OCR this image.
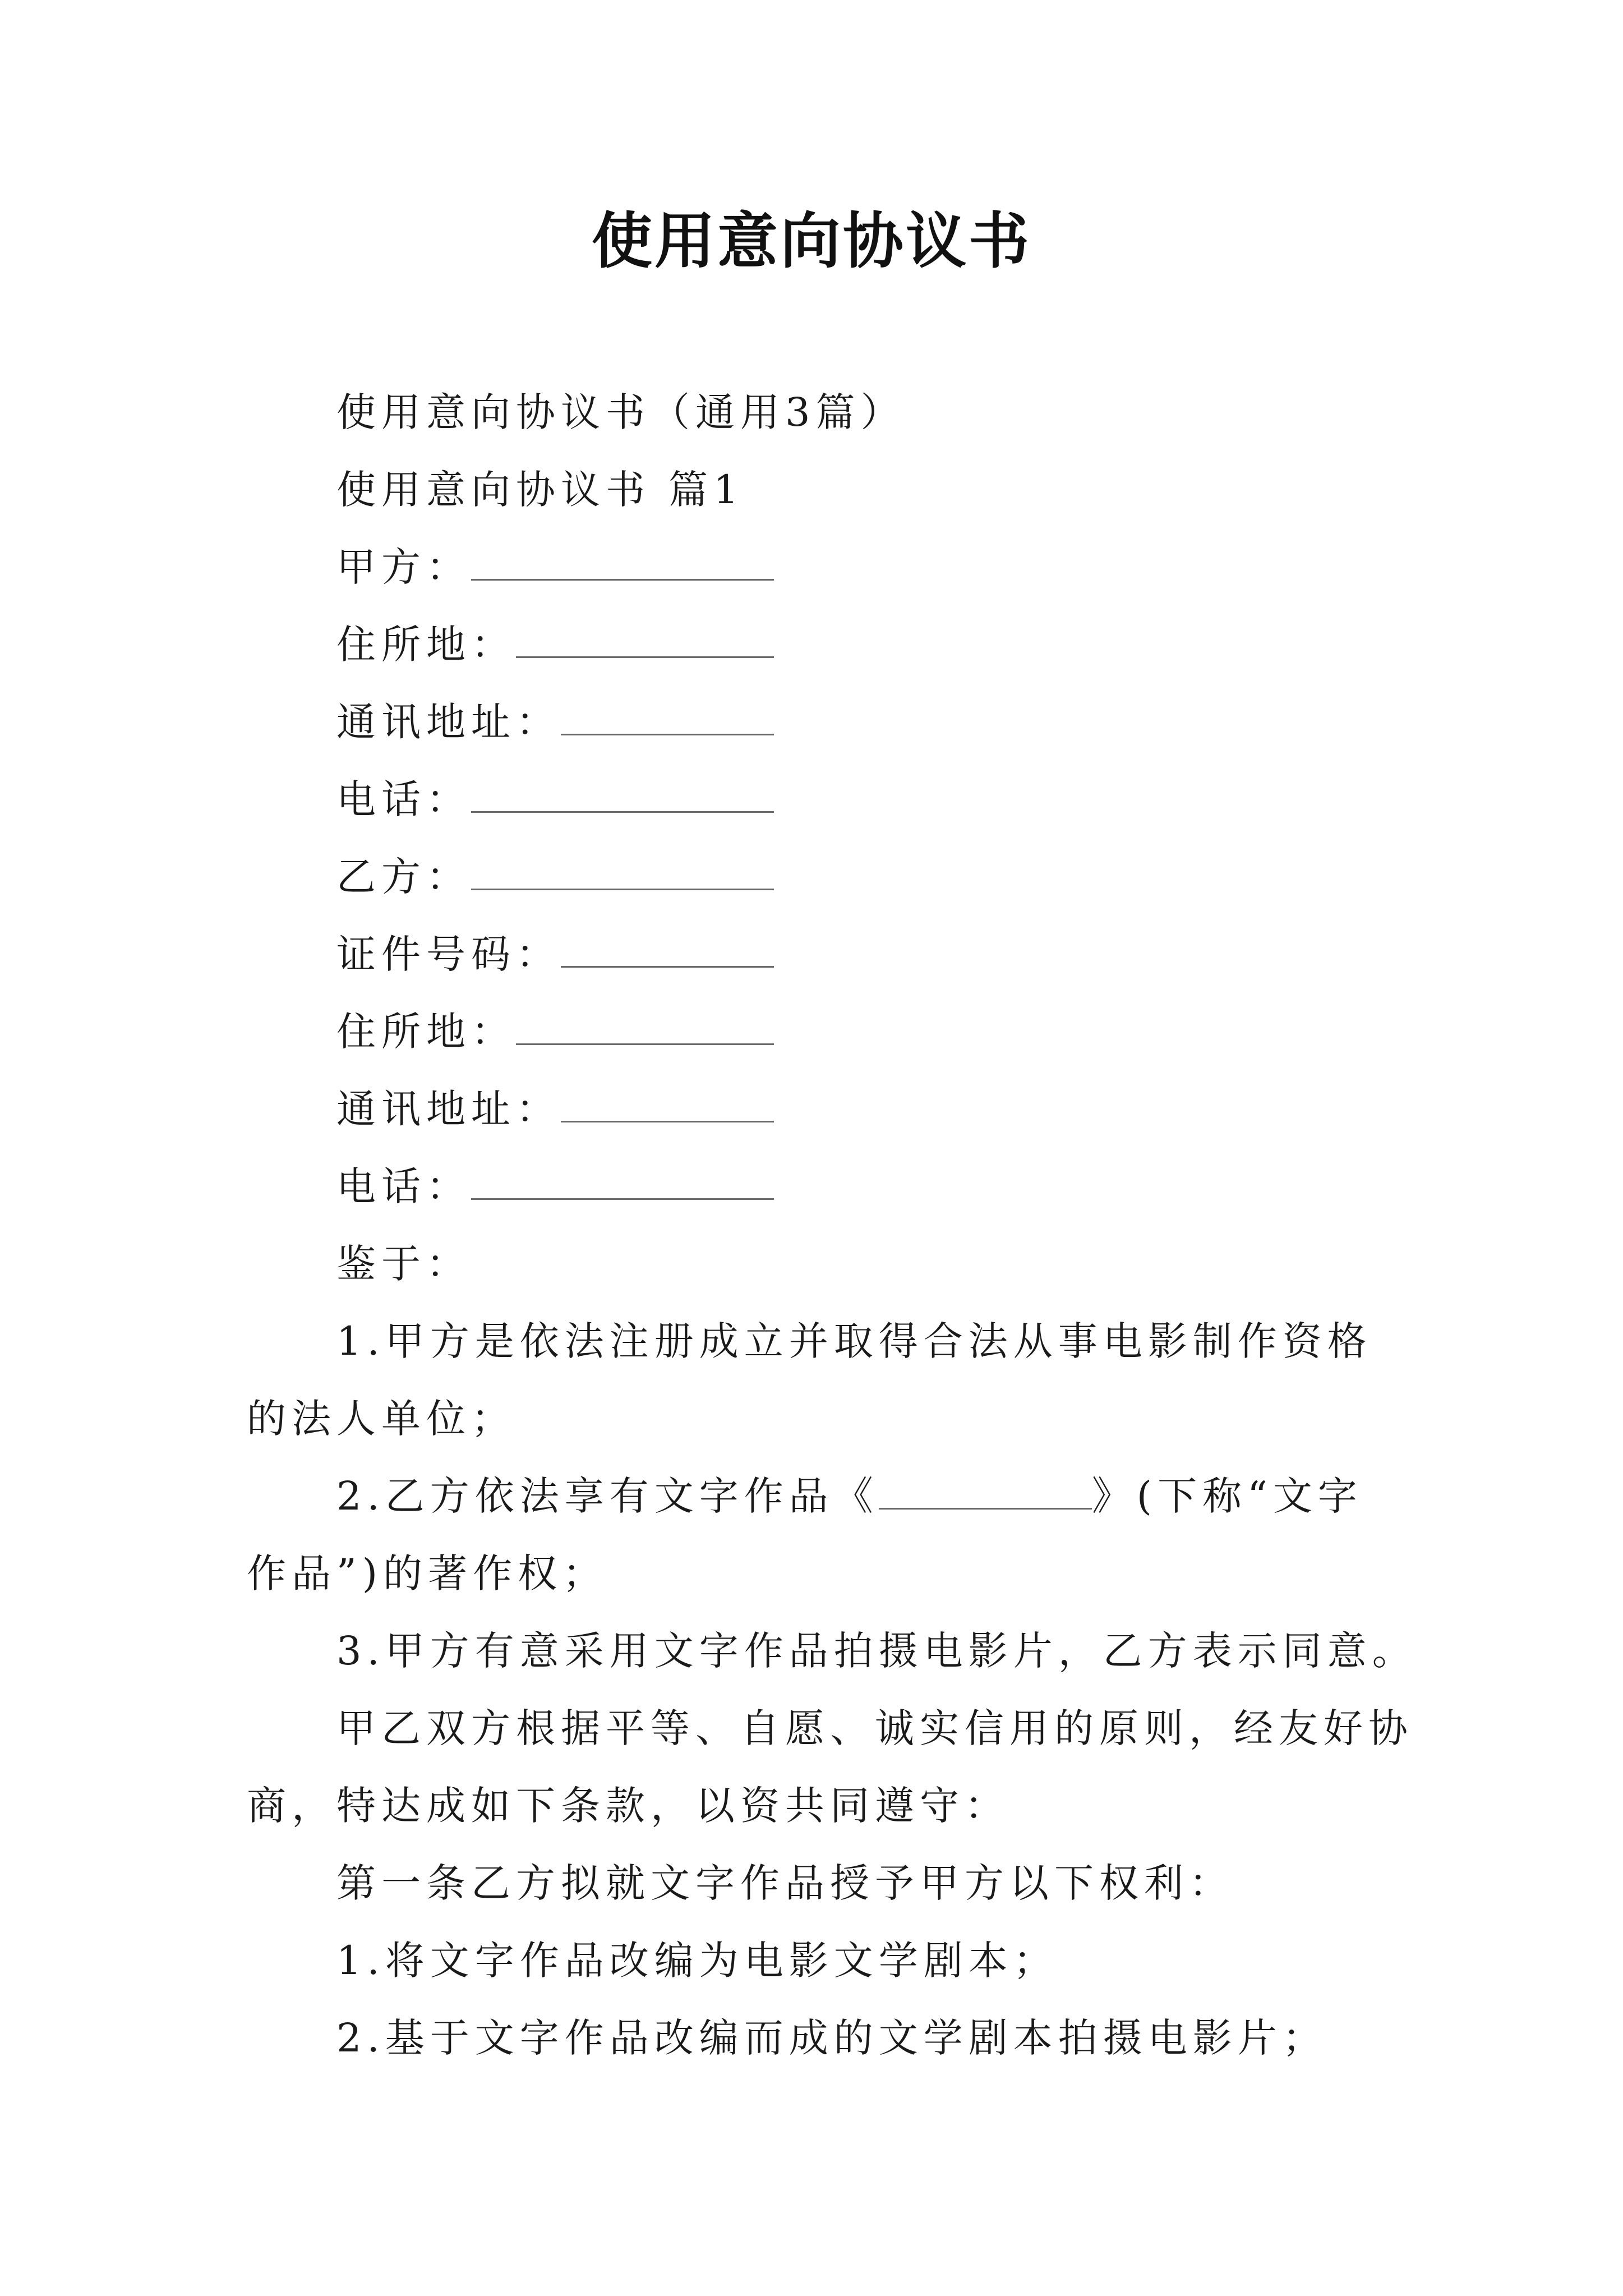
使用意向协议书
使用意向协议书（通用3篇）
使用意向协议书 篇1
甲方：
住所地：
通讯地址：
电话：
乙方：
证件号码：
住所地：
通讯地址：
电话：
鉴于：
1.甲方是依法注册成立并取得合法从事电影制作资格
的法人单位；
2.乙方依法享有文字作品《	》(下称“文字
作品”)的著作权；
3.甲方有意采用文字作品拍摄电影片，乙方表示同意。
甲乙双方根据平等、自愿、诚实信用的原则，经友好协
商，特达成如下条款，以资共同遵守：
第一条乙方拟就文字作品授予甲方以下权利：
1.将文字作品改编为电影文学剧本；
2.基于文字作品改编而成的文学剧本拍摄电影片；
